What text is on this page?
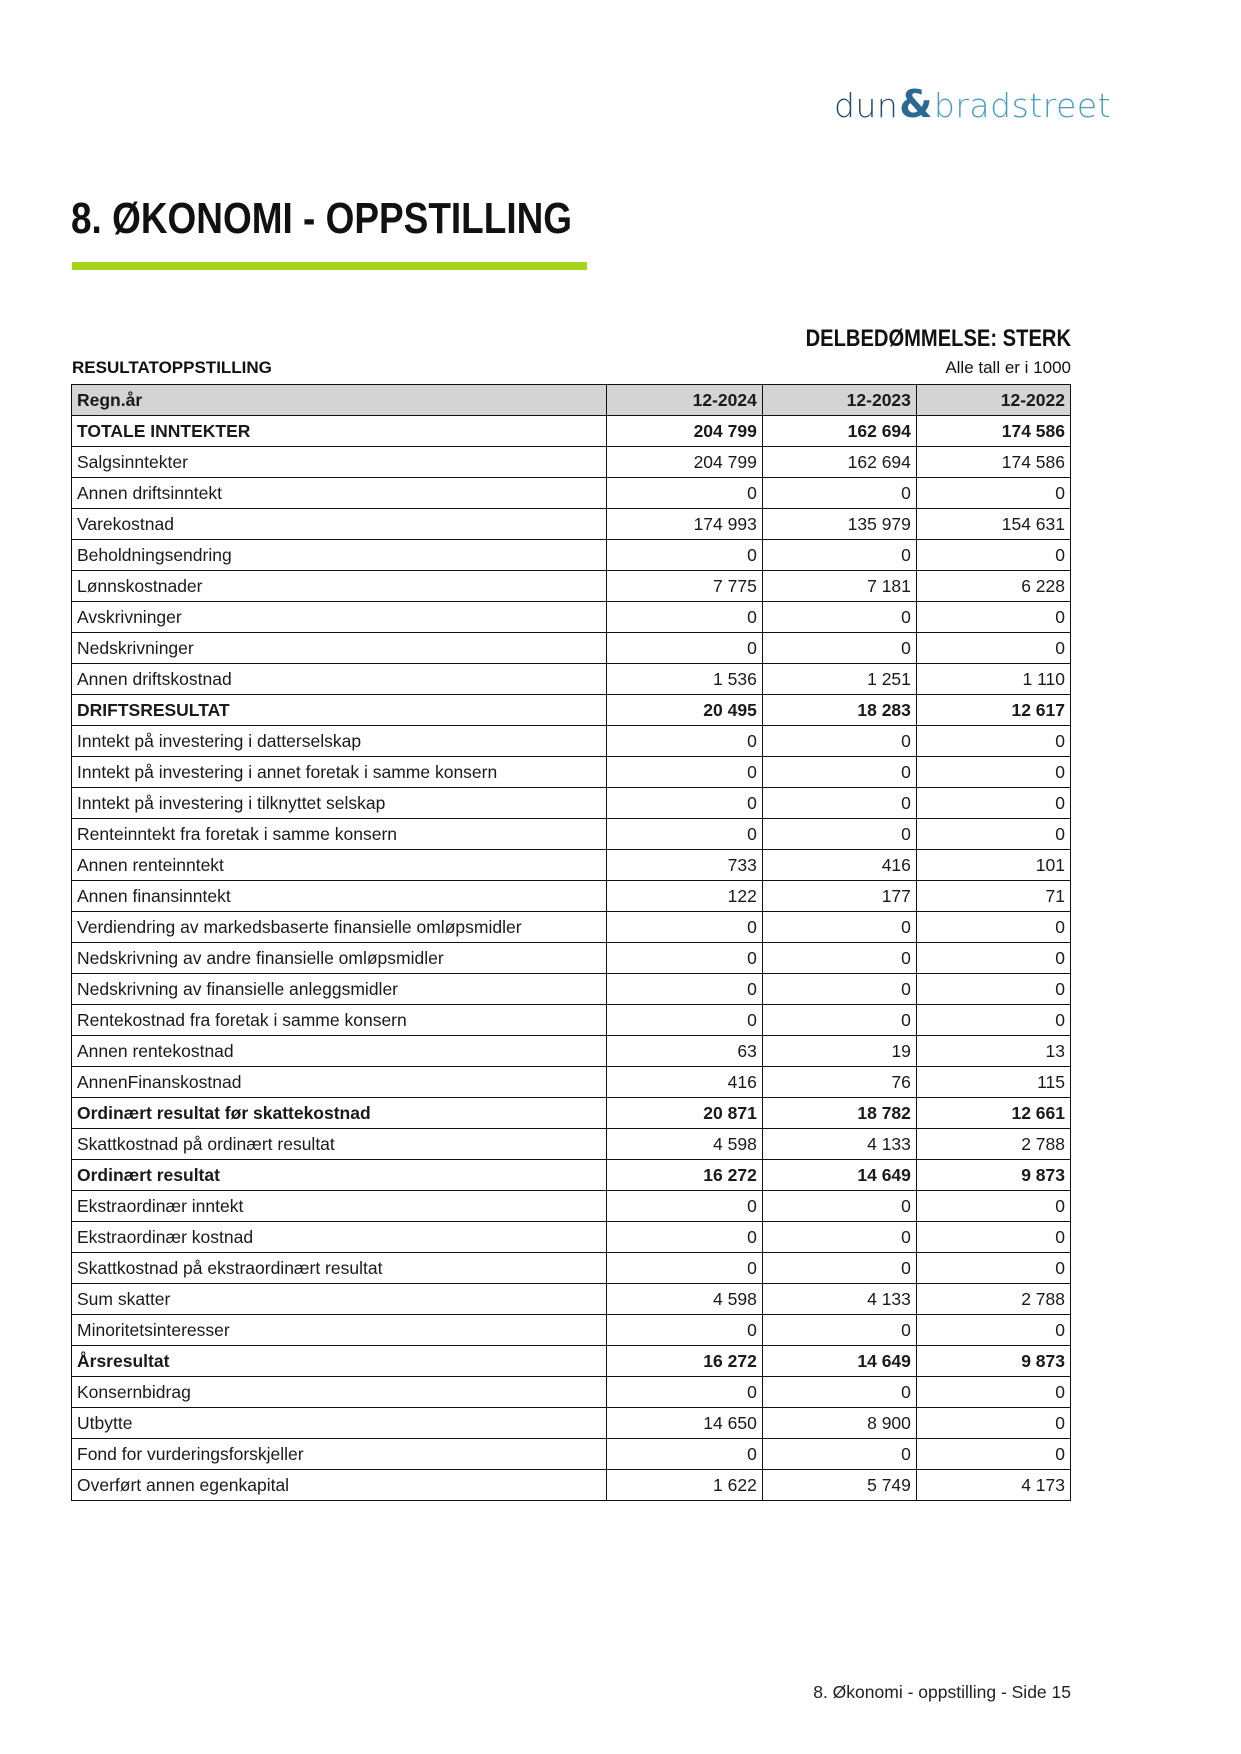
dun&bradstreet
8. ØKONOMI - OPPSTILLING
DELBEDØMMELSE: STERK
RESULTATOPPSTILLING	Alle tall er i 1000
Regn.år	12-2024	12-2023	12-2022
TOTALE INNTEKTER	204 799	162 694	174 586
Salgsinntekter	204 799	162 694	174 586
Annen driftsinntekt	0	0	0
Varekostnad	174 993	135 979	154 631
Beholdningsendring	0	0	0
Lønnskostnader	7 775	7 181	6 228
Avskrivninger	0	0	0
Nedskrivninger	0	0	0
Annen driftskostnad	1 536	1 251	1 110
DRIFTSRESULTAT	20 495	18 283	12 617
Inntekt på investering i datterselskap	0	0	0
Inntekt på investering i annet foretak i samme konsern	0	0	0
Inntekt på investering i tilknyttet selskap	0	0	0
Renteinntekt fra foretak i samme konsern	0	0	0
Annen renteinntekt	733	416	101
Annen finansinntekt	122	177	71
Verdiendring av markedsbaserte finansielle omløpsmidler	0	0	0
Nedskrivning av andre finansielle omløpsmidler	0	0	0
Nedskrivning av finansielle anleggsmidler	0	0	0
Rentekostnad fra foretak i samme konsern	0	0	0
Annen rentekostnad	63	19	13
AnnenFinanskostnad	416	76	115
Ordinært resultat før skattekostnad	20 871	18 782	12 661
Skattkostnad på ordinært resultat	4 598	4 133	2 788
Ordinært resultat	16 272	14 649	9 873
Ekstraordinær inntekt	0	0	0
Ekstraordinær kostnad	0	0	0
Skattkostnad på ekstraordinært resultat	0	0	0
Sum skatter	4 598	4 133	2 788
Minoritetsinteresser	0	0	0
Årsresultat	16 272	14 649	9 873
Konsernbidrag	0	0	0
Utbytte	14 650	8 900	0
Fond for vurderingsforskjeller	0	0	0
Overført annen egenkapital	1 622	5 749	4 173
8. Økonomi - oppstilling - Side 15
